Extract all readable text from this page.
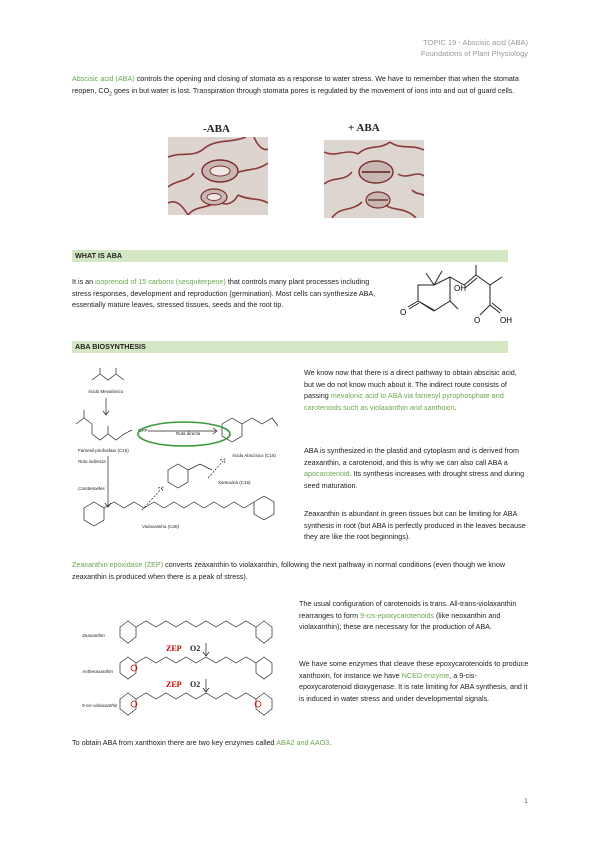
TOPIC 19 - Abscisic acid (ABA)
Foundations of Plant Physiology

Abscisic acid (ABA) controls the opening and closing of stomata as a response to water stress. We have to remember that when the stomata reopen, $CO_2$ goes in but water is lost. Transpiration through stomata pores is regulated by the movement of ions into and out of guard cells.

-ABA	+ ABA
WHAT IS ABA

It is an isoprenoid of 15 carbons (sesquiterpene) that controls many plant processes including stress responses, development and reproduction (germination). Most cells can synthesize ABA, essentially mature leaves, stressed tissues, seeds and the root tip.

OH
O
O OH
ABA BIOSYNTHESIS
Ácido Mevalónico
Farnesil pirofosfato (C15)
Ruta indirecta
Carotenoides
Ruta directa
Ácido Abscísico (C15)
Xantoxina (C15)
Violaxantina (C40)
OPP

We know now that there is a direct pathway to obtain abscisic acid, but we do not know much about it. The indirect route consists of passing mevalonic acid to ABA via farnesyl pyrophosphate and carotenoids such as violaxanthin and xanthoxin.

ABA is synthesized in the plastid and cytoplasm and is derived from zeaxanthin, a carotenoid, and this is why we can also call ABA a apocarotenoid. Its synthesis increases with drought stress and during seed maturation.

Zeaxanthin is abundant in green tissues but can be limiting for ABA synthesis in root (but ABA is perfectly produced in the leaves because they are like the root beginnings).

Zeaxanthin epoxidase (ZEP) converts zeaxanthin to violaxanthin, following the next pathway in normal conditions (even though we know zeaxanthin is produced when there is a peak of stress).

Zeaxanthin
Antheraxanthin
9-cis-violaxanthin
ZEP O2
ZEP O2

The usual configuration of carotenoids is trans. All-trans-violaxanthin rearranges to form 9-cis-epoxycarotenoids (like neoxanthin and violaxanthin); these are necessary for the production of ABA.

We have some enzymes that cleave these epoxycarotenoids to produce xanthoxin, for instance we have NCED enzyme, a 9-cis-epoxycarotenoid dioxygenase. It is rate limiting for ABA synthesis, and it is induced in water stress and under developmental signals.

To obtain ABA from xanthoxin there are two key enzymes called ABA2 and AAO3.

1
